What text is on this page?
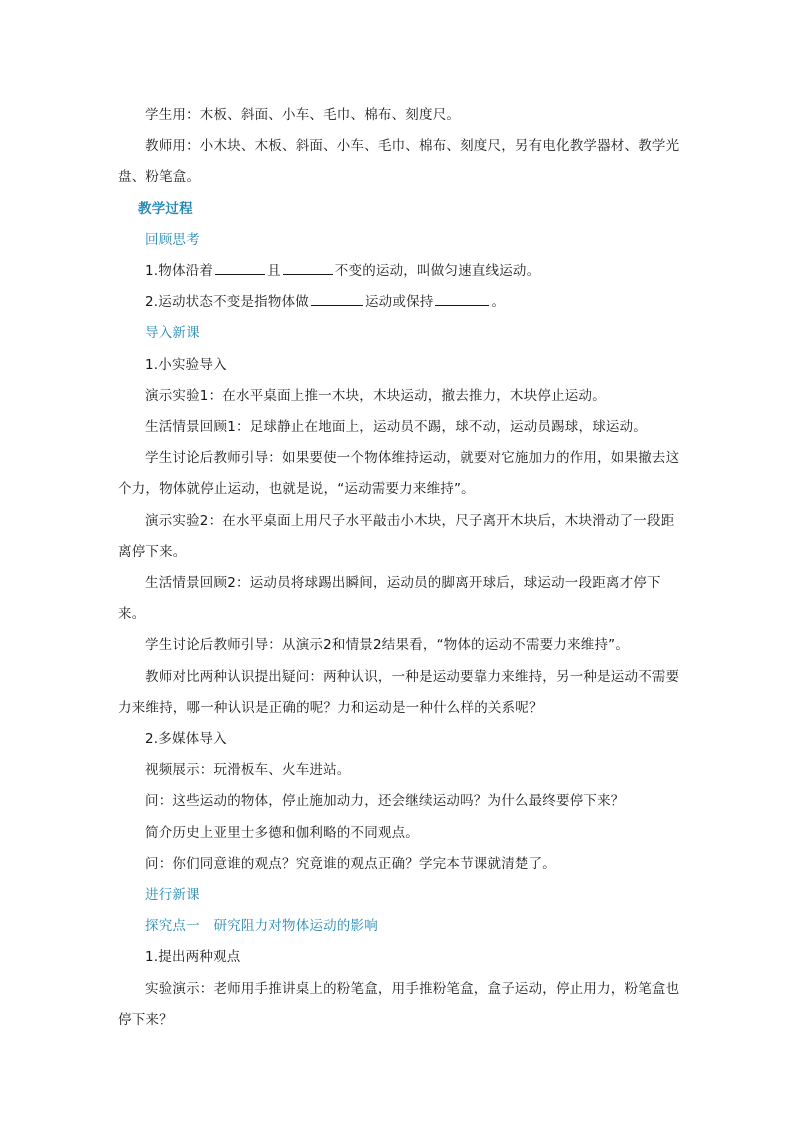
学生用：木板、斜面、小车、毛巾、棉布、刻度尺。

教师用：小木块、木板、斜面、小车、毛巾、棉布、刻度尺，另有电化教学器材、教学光盘、粉笔盒。

教学过程

回顾思考

1.物体沿着	且	不变的运动，叫做匀速直线运动。

2.运动状态不变是指物体做	运动或保持	。

导入新课

1.小实验导入

演示实验1：在水平桌面上推一木块，木块运动，撤去推力，木块停止运动。

生活情景回顾1：足球静止在地面上，运动员不踢，球不动，运动员踢球，球运动。

学生讨论后教师引导：如果要使一个物体维持运动，就要对它施加力的作用，如果撤去这个力，物体就停止运动，也就是说，“运动需要力来维持”。

演示实验2：在水平桌面上用尺子水平敲击小木块，尺子离开木块后，木块滑动了一段距离停下来。

生活情景回顾2：运动员将球踢出瞬间，运动员的脚离开球后，球运动一段距离才停下来。

学生讨论后教师引导：从演示2和情景2结果看，“物体的运动不需要力来维持”。

教师对比两种认识提出疑问：两种认识，一种是运动要靠力来维持，另一种是运动不需要力来维持，哪一种认识是正确的呢？力和运动是一种什么样的关系呢？

2.多媒体导入

视频展示：玩滑板车、火车进站。

问：这些运动的物体，停止施加动力，还会继续运动吗？为什么最终要停下来？

简介历史上亚里士多德和伽利略的不同观点。

问：你们同意谁的观点？究竟谁的观点正确？学完本节课就清楚了。

进行新课

探究点一　研究阻力对物体运动的影响

1.提出两种观点

实验演示：老师用手推讲桌上的粉笔盒，用手推粉笔盒，盒子运动，停止用力，粉笔盒也停下来？
